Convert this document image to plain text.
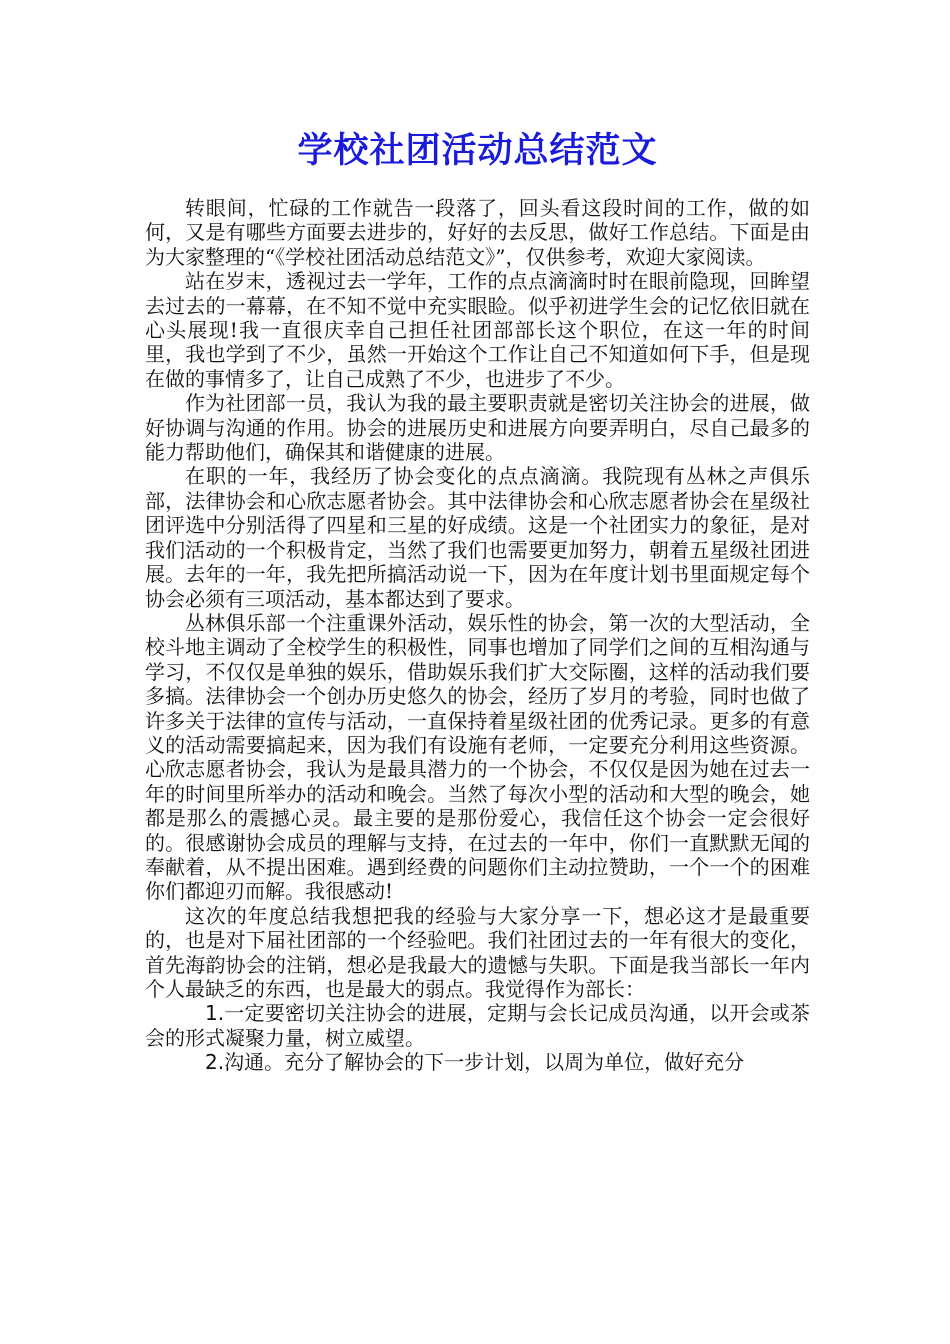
学校社团活动总结范文

转眼间，忙碌的工作就告一段落了，回头看这段时间的工作，做的如何，又是有哪些方面要去进步的，好好的去反思，做好工作总结。下面是由为大家整理的“《学校社团活动总结范文》”，仅供参考，欢迎大家阅读。

站在岁末，透视过去一学年，工作的点点滴滴时时在眼前隐现，回眸望去过去的一幕幕，在不知不觉中充实眼睑。似乎初进学生会的记忆依旧就在心头展现!我一直很庆幸自己担任社团部部长这个职位，在这一年的时间里，我也学到了不少，虽然一开始这个工作让自己不知道如何下手，但是现在做的事情多了，让自己成熟了不少，也进步了不少。

作为社团部一员，我认为我的最主要职责就是密切关注协会的进展，做好协调与沟通的作用。协会的进展历史和进展方向要弄明白，尽自己最多的能力帮助他们，确保其和谐健康的进展。

在职的一年，我经历了协会变化的点点滴滴。我院现有丛林之声俱乐部，法律协会和心欣志愿者协会。其中法律协会和心欣志愿者协会在星级社团评选中分别活得了四星和三星的好成绩。这是一个社团实力的象征，是对我们活动的一个积极肯定，当然了我们也需要更加努力，朝着五星级社团进展。去年的一年，我先把所搞活动说一下，因为在年度计划书里面规定每个协会必须有三项活动，基本都达到了要求。

丛林俱乐部一个注重课外活动，娱乐性的协会，第一次的大型活动，全校斗地主调动了全校学生的积极性，同事也增加了同学们之间的互相沟通与学习，不仅仅是单独的娱乐，借助娱乐我们扩大交际圈，这样的活动我们要多搞。法律协会一个创办历史悠久的协会，经历了岁月的考验，同时也做了许多关于法律的宣传与活动，一直保持着星级社团的优秀记录。更多的有意义的活动需要搞起来，因为我们有设施有老师，一定要充分利用这些资源。心欣志愿者协会，我认为是最具潜力的一个协会，不仅仅是因为她在过去一年的时间里所举办的活动和晚会。当然了每次小型的活动和大型的晚会，她都是那么的震撼心灵。最主要的是那份爱心，我信任这个协会一定会很好的。很感谢协会成员的理解与支持，在过去的一年中，你们一直默默无闻的奉献着，从不提出困难。遇到经费的问题你们主动拉赞助，一个一个的困难你们都迎刃而解。我很感动!

这次的年度总结我想把我的经验与大家分享一下，想必这才是最重要的，也是对下届社团部的一个经验吧。我们社团过去的一年有很大的变化，首先海韵协会的注销，想必是我最大的遗憾与失职。下面是我当部长一年内个人最缺乏的东西，也是最大的弱点。我觉得作为部长：

1.一定要密切关注协会的进展，定期与会长记成员沟通，以开会或茶会的形式凝聚力量，树立威望。

2.沟通。充分了解协会的下一步计划，以周为单位，做好充分
